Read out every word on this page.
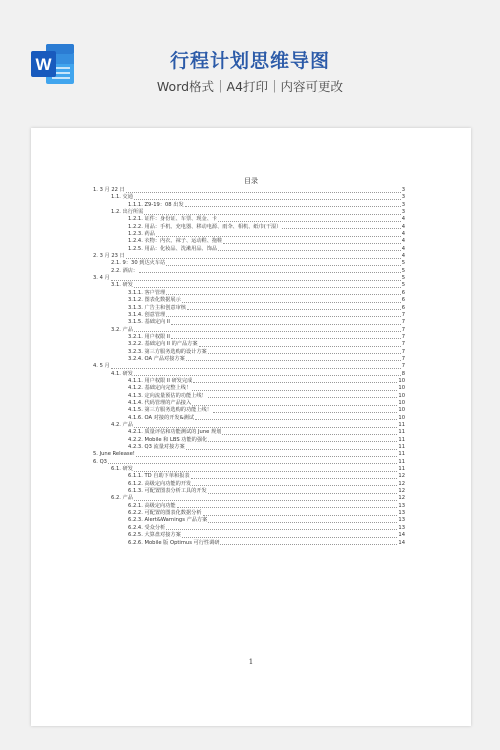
W	行程计划思维导图
Word格式｜A4打印｜内容可更改
目录
1. 3 月 22 日	3
1.1. 交通	3
1.1.1. Z9-19：08 出发	3
1.2. 出行所需	3
1.2.1. 证件：身份证、车票、现金、卡	4
1.2.2. 用品：手机、充电器、移动电源、雨伞、相机、纸巾(干湿）	4
1.2.3. 药品	4
1.2.4. 衣物：内衣、袜子、运动鞋、拖鞋	4
1.2.5. 用品：化妆品、洗漱用品、饰品	4
2. 3 月 23 日	4
2.1. 9：30 到达火车站	5
2.2. 酒店：	5
3. 4 月	5
3.1. 研发	5
3.1.1. 客户管理	6
3.1.2. 图表化数据展示	6
3.1.3. 广告主和创意审核	6
3.1.4. 创意管理	7
3.1.5. 基础定向 II	7
3.2. 产品	7
3.2.1. 用户权限 II	7
3.2.2. 基础定向 II 的产品方案	7
3.2.3. 第三方服务选购的设计方案	7
3.2.4. OA 产品对接方案	7
4. 5 月	7
4.1. 研发	8
4.1.1. 用户权限 II 研发完成	10
4.1.2. 基础定向完整上线！	10
4.1.3. 定向流量预估的功能上线！	10
4.1.4. 代码管理的产品接入	10
4.1.5. 第三方服务选购的功能上线！	10
4.1.6. OA 对接的开发&测试	10
4.2. 产品	11
4.2.1. 质量评估和功能测试的 June 规划	11
4.2.2. Mobile 和 LBS 功能的强化	11
4.2.3. Q3 流量对接方案	11
5. June Release!	11
6. Q3	11
6.1. 研发	11
6.1.1. TD 自助下单和报表	12
6.1.2. 高级定向功能的开发	12
6.1.3. 可配置图表分析工具的开发	12
6.2. 产品	12
6.2.1. 高级定向功能	13
6.2.2. 可配置的图表化数据分析	13
6.2.3. Alert&Warnings 产品方案	13
6.2.4. 受众分析	13
6.2.5. 大算盘对接方案	14
6.2.6. Mobile 版 Optimus 可行性调研	14
1
